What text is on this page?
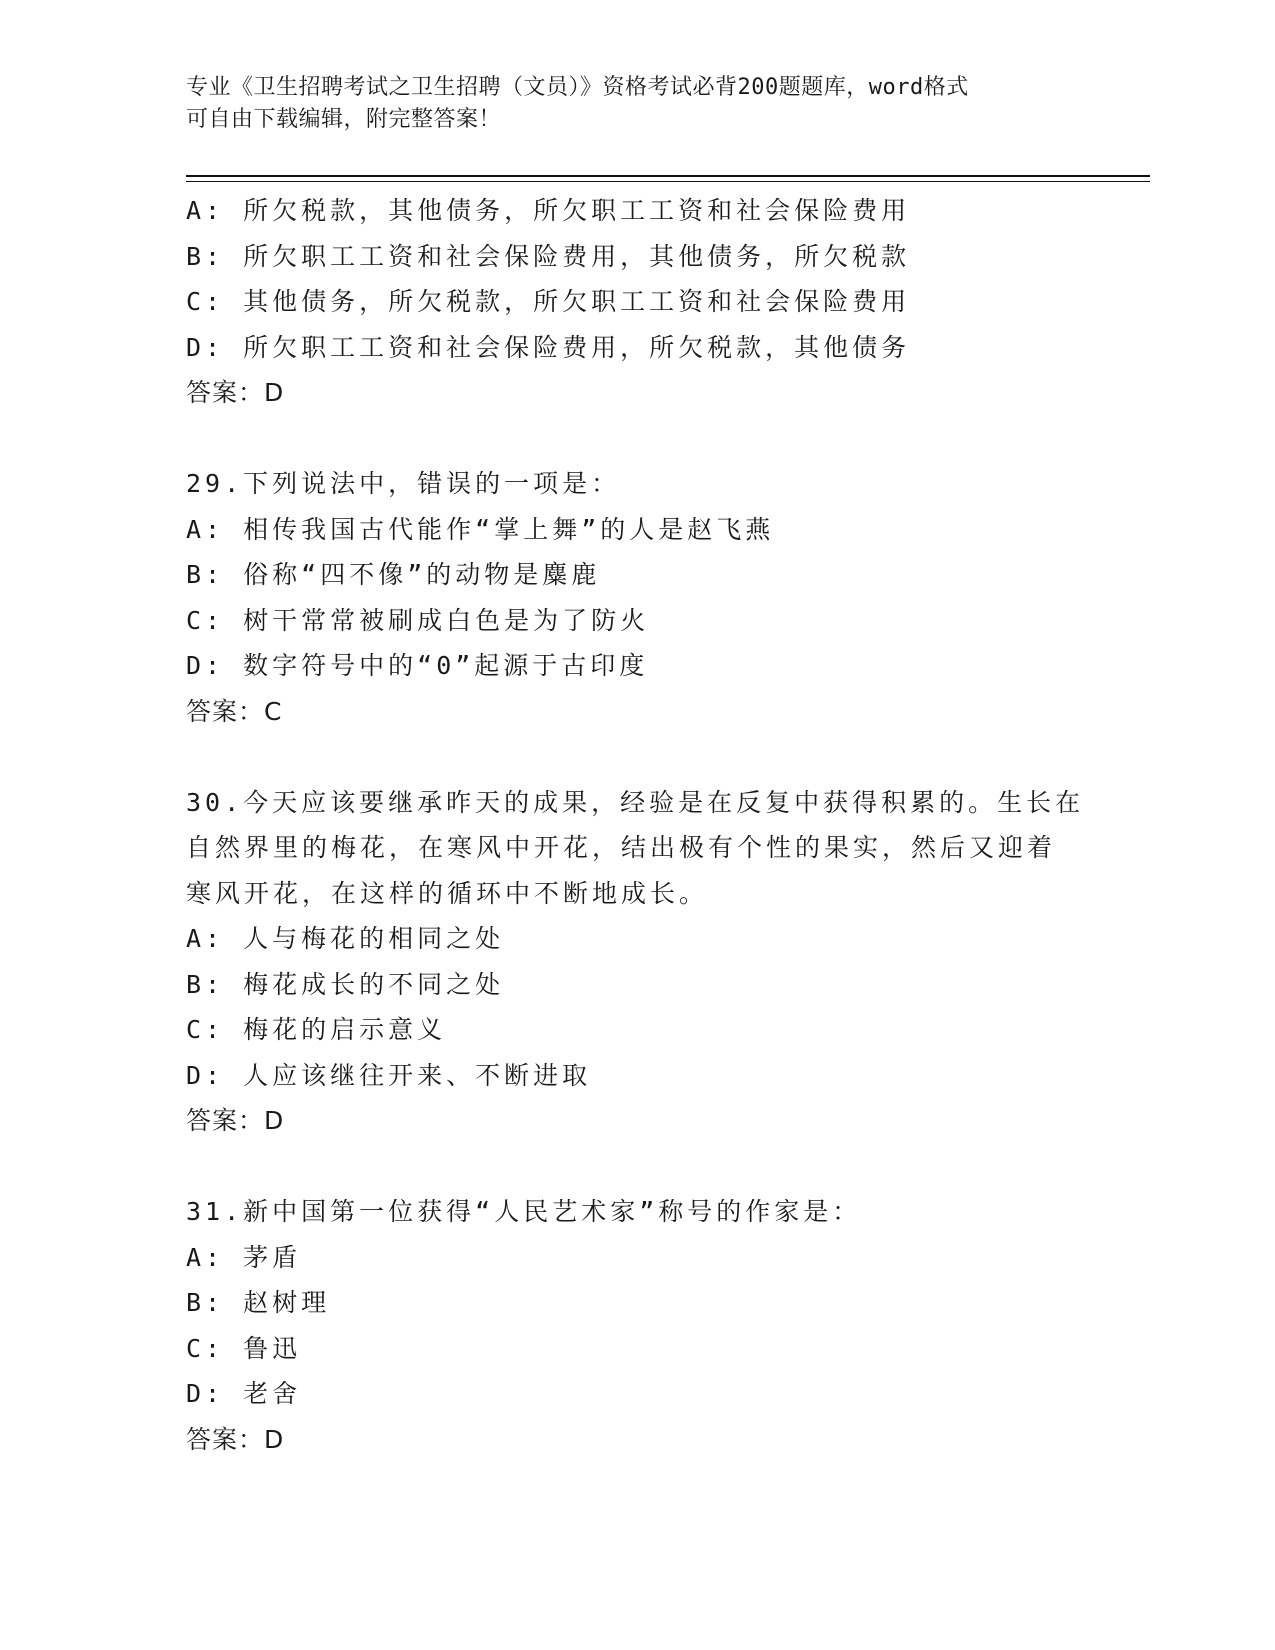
专业《卫生招聘考试之卫生招聘（文员）》资格考试必背200题题库，word格式
可自由下载编辑，附完整答案！
A: 所欠税款，其他债务，所欠职工工资和社会保险费用
B: 所欠职工工资和社会保险费用，其他债务，所欠税款
C: 其他债务，所欠税款，所欠职工工资和社会保险费用
D: 所欠职工工资和社会保险费用，所欠税款，其他债务
答案：D
29.下列说法中，错误的一项是：
A: 相传我国古代能作“掌上舞”的人是赵飞燕
B: 俗称“四不像”的动物是麋鹿
C: 树干常常被刷成白色是为了防火
D: 数字符号中的“0”起源于古印度
答案：C
30.今天应该要继承昨天的成果，经验是在反复中获得积累的。生长在
自然界里的梅花，在寒风中开花，结出极有个性的果实，然后又迎着
寒风开花，在这样的循环中不断地成长。
A: 人与梅花的相同之处
B: 梅花成长的不同之处
C: 梅花的启示意义
D: 人应该继往开来、不断进取
答案：D
31.新中国第一位获得“人民艺术家”称号的作家是：
A: 茅盾
B: 赵树理
C: 鲁迅
D: 老舍
答案：D
